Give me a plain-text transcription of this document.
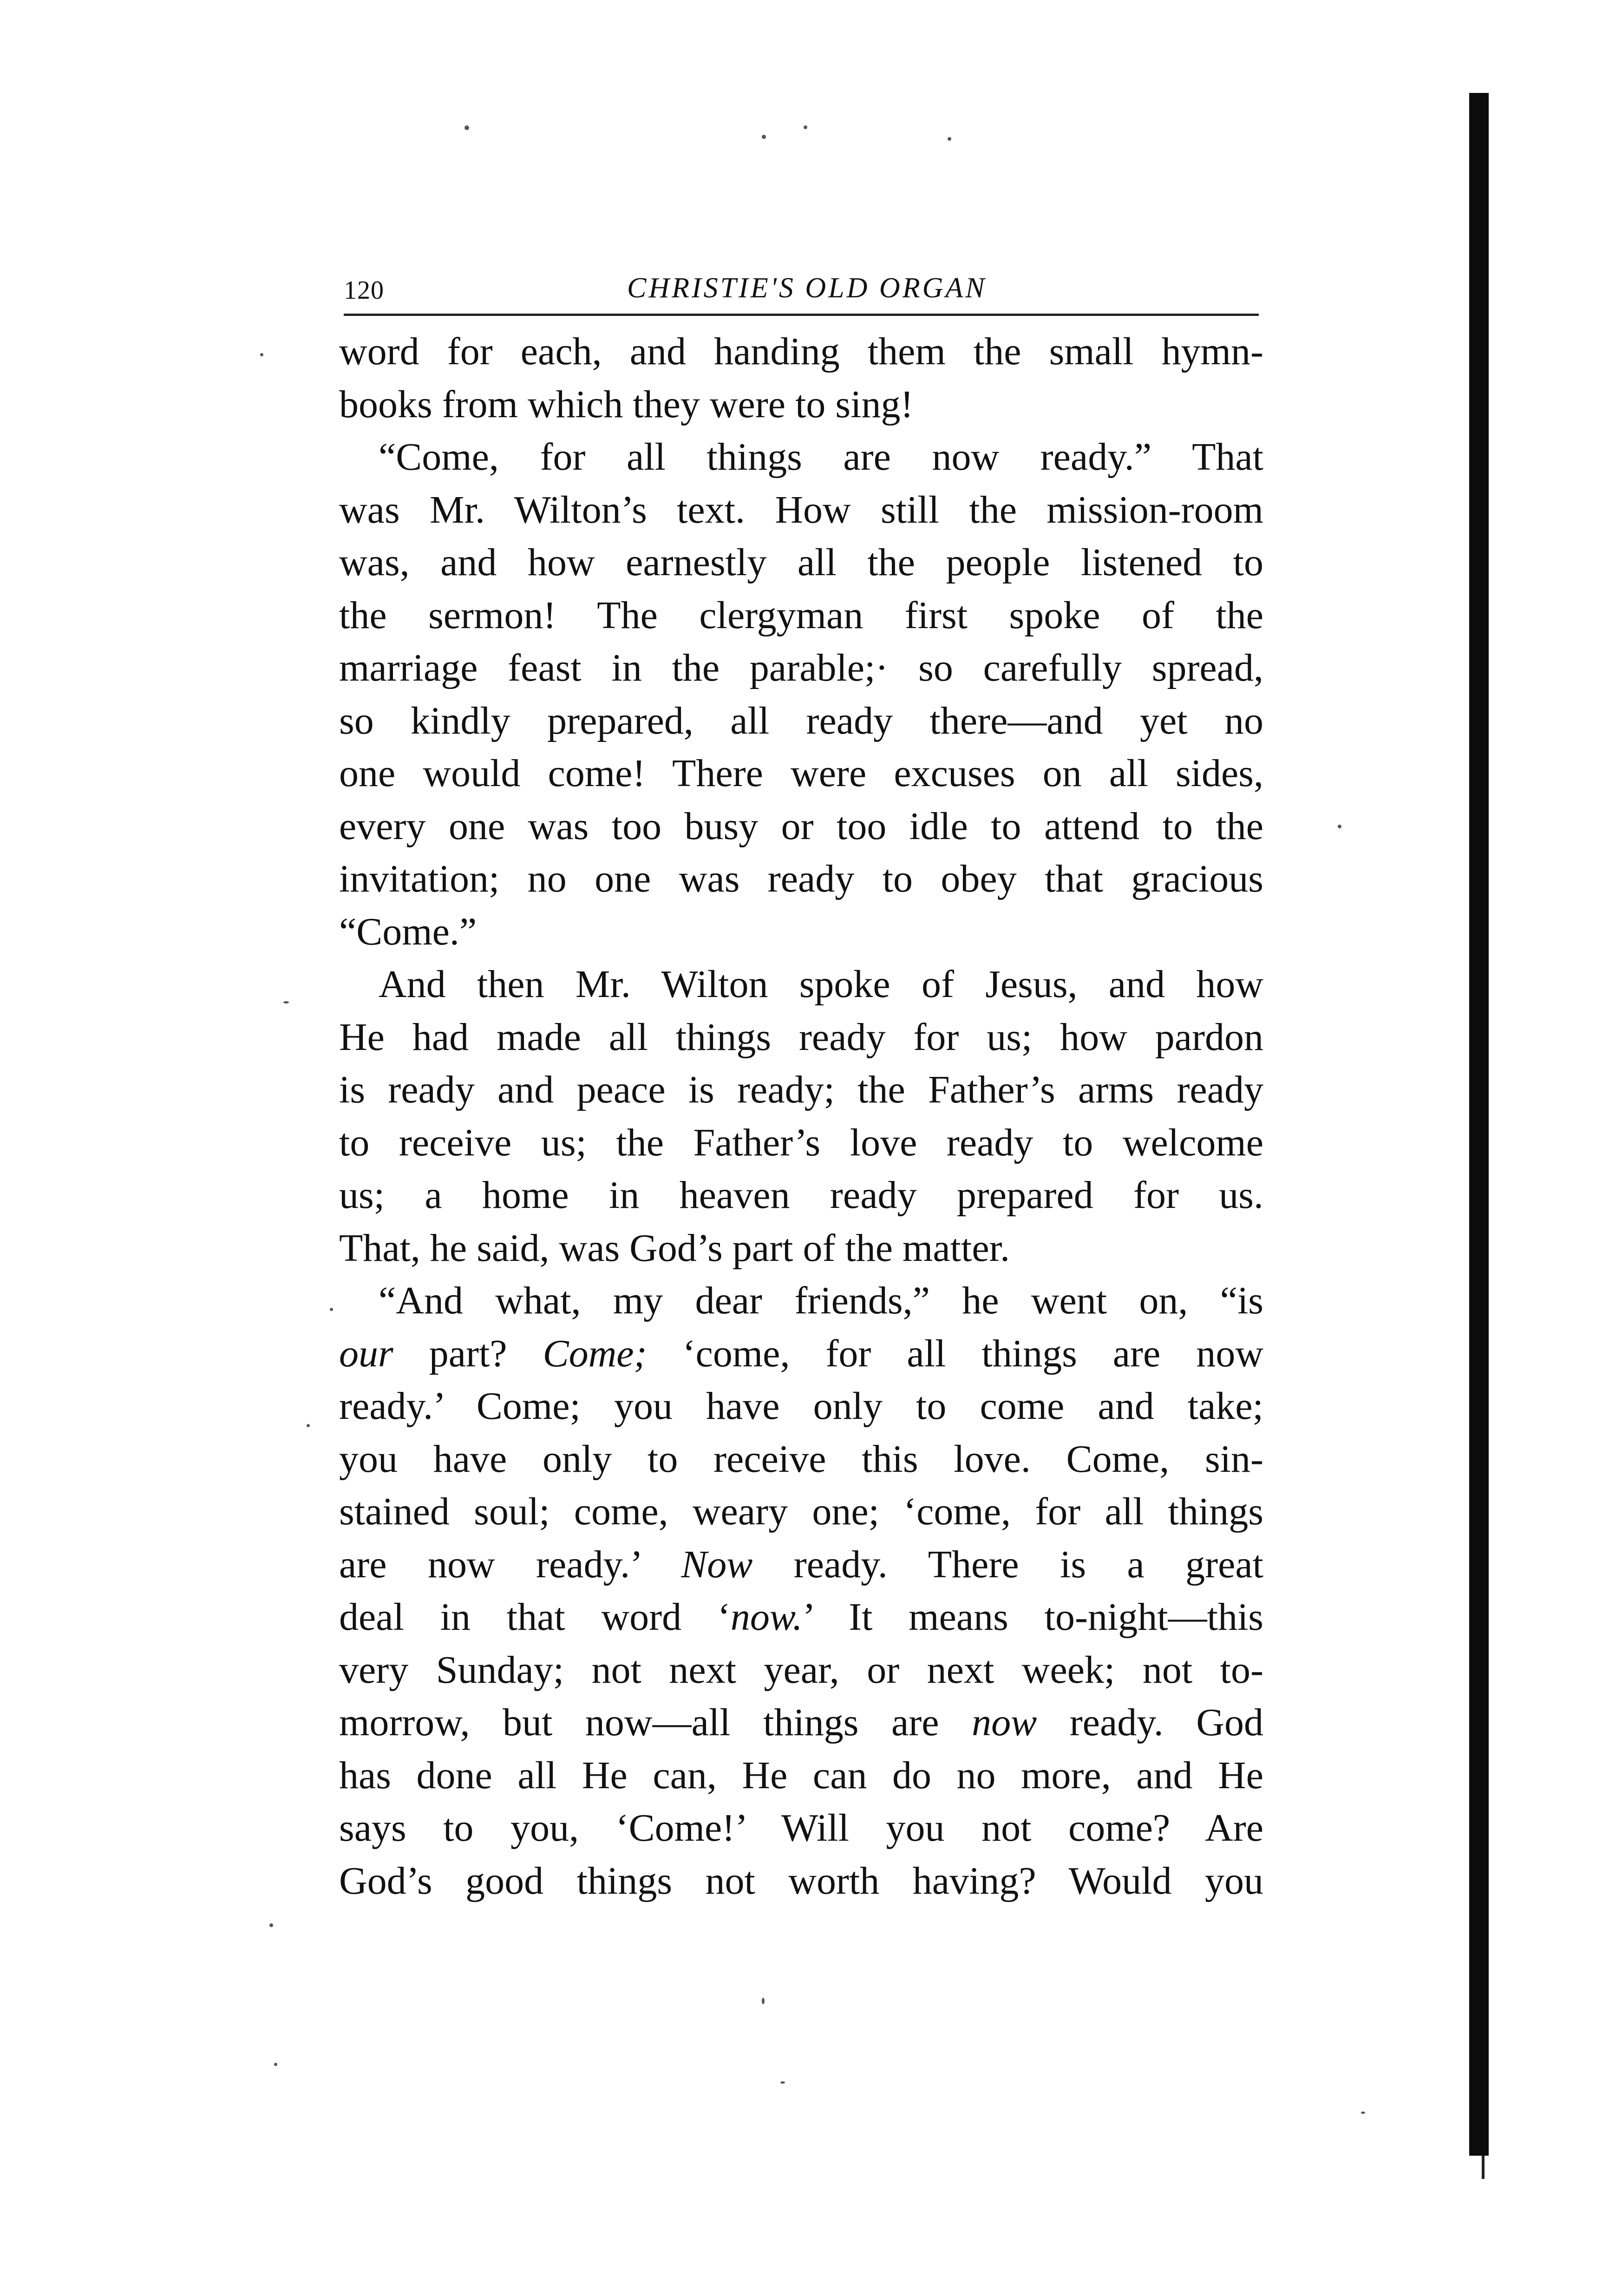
120	CHRISTIE'S OLD ORGAN
word for each, and handing them the small hymn-
books from which they were to sing!
“Come, for all things are now ready.” That
was Mr. Wilton’s text. How still the mission-room
was, and how earnestly all the people listened to
the sermon! The clergyman first spoke of the
marriage feast in the parable;· so carefully spread,
so kindly prepared, all ready there—and yet no
one would come! There were excuses on all sides,
every one was too busy or too idle to attend to the
invitation; no one was ready to obey that gracious
“Come.”
And then Mr. Wilton spoke of Jesus, and how
He had made all things ready for us; how pardon
is ready and peace is ready; the Father’s arms ready
to receive us; the Father’s love ready to welcome
us; a home in heaven ready prepared for us.
That, he said, was God’s part of the matter.
“And what, my dear friends,” he went on, “is
our part? Come; ‘come, for all things are now
ready.’ Come; you have only to come and take;
you have only to receive this love. Come, sin-
stained soul; come, weary one; ‘come, for all things
are now ready.’ Now ready. There is a great
deal in that word ‘now.’ It means to-night—this
very Sunday; not next year, or next week; not to-
morrow, but now—all things are now ready. God
has done all He can, He can do no more, and He
says to you, ‘Come!’ Will you not come? Are
God’s good things not worth having? Would you
